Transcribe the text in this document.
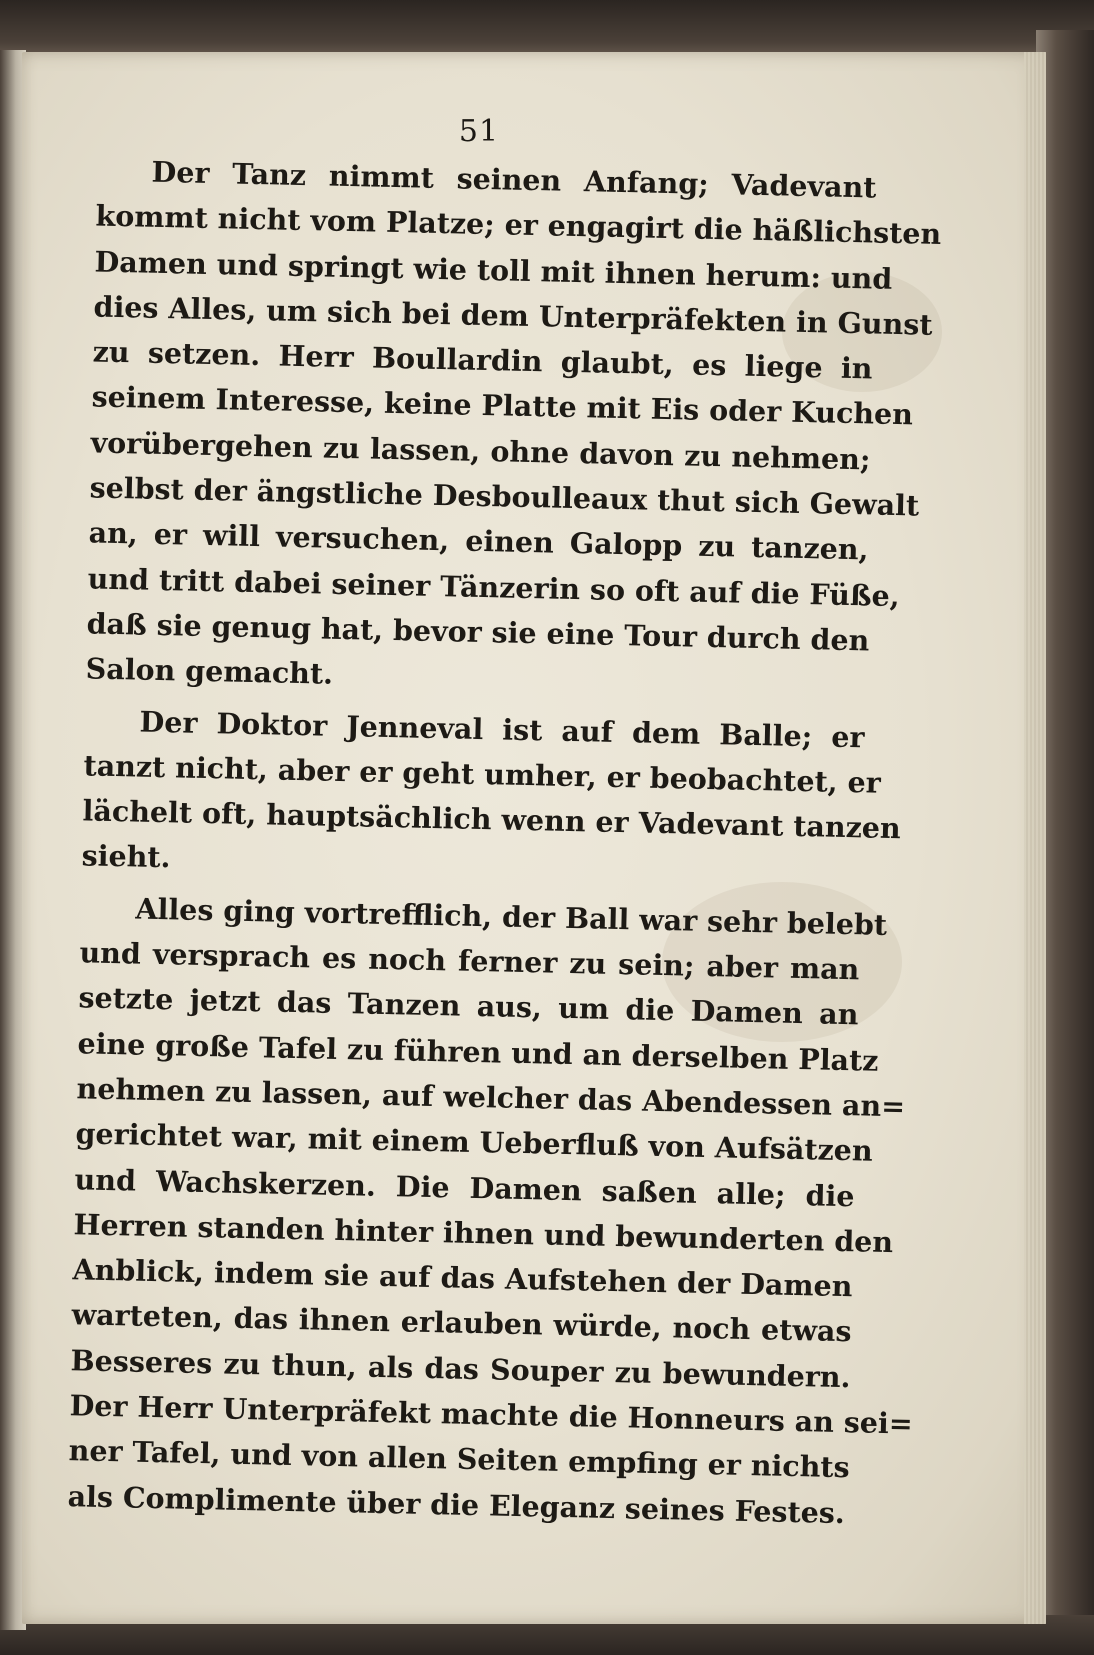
51
Der Tanz nimmt seinen Anfang; Vadevant
kommt nicht vom Platze; er engagirt die häßlichsten
Damen und springt wie toll mit ihnen herum: und
dies Alles, um sich bei dem Unterpräfekten in Gunst
zu setzen. Herr Boullardin glaubt, es liege in
seinem Interesse, keine Platte mit Eis oder Kuchen
vorübergehen zu lassen, ohne davon zu nehmen;
selbst der ängstliche Desboulleaux thut sich Gewalt
an, er will versuchen, einen Galopp zu tanzen,
und tritt dabei seiner Tänzerin so oft auf die Füße,
daß sie genug hat, bevor sie eine Tour durch den
Salon gemacht.
Der Doktor Jenneval ist auf dem Balle; er
tanzt nicht, aber er geht umher, er beobachtet, er
lächelt oft, hauptsächlich wenn er Vadevant tanzen
sieht.
Alles ging vortrefflich, der Ball war sehr belebt
und versprach es noch ferner zu sein; aber man
setzte jetzt das Tanzen aus, um die Damen an
eine große Tafel zu führen und an derselben Platz
nehmen zu lassen, auf welcher das Abendessen an=
gerichtet war, mit einem Ueberfluß von Aufsätzen
und Wachskerzen. Die Damen saßen alle; die
Herren standen hinter ihnen und bewunderten den
Anblick, indem sie auf das Aufstehen der Damen
warteten, das ihnen erlauben würde, noch etwas
Besseres zu thun, als das Souper zu bewundern.
Der Herr Unterpräfekt machte die Honneurs an sei=
ner Tafel, und von allen Seiten empfing er nichts
als Complimente über die Eleganz seines Festes.
